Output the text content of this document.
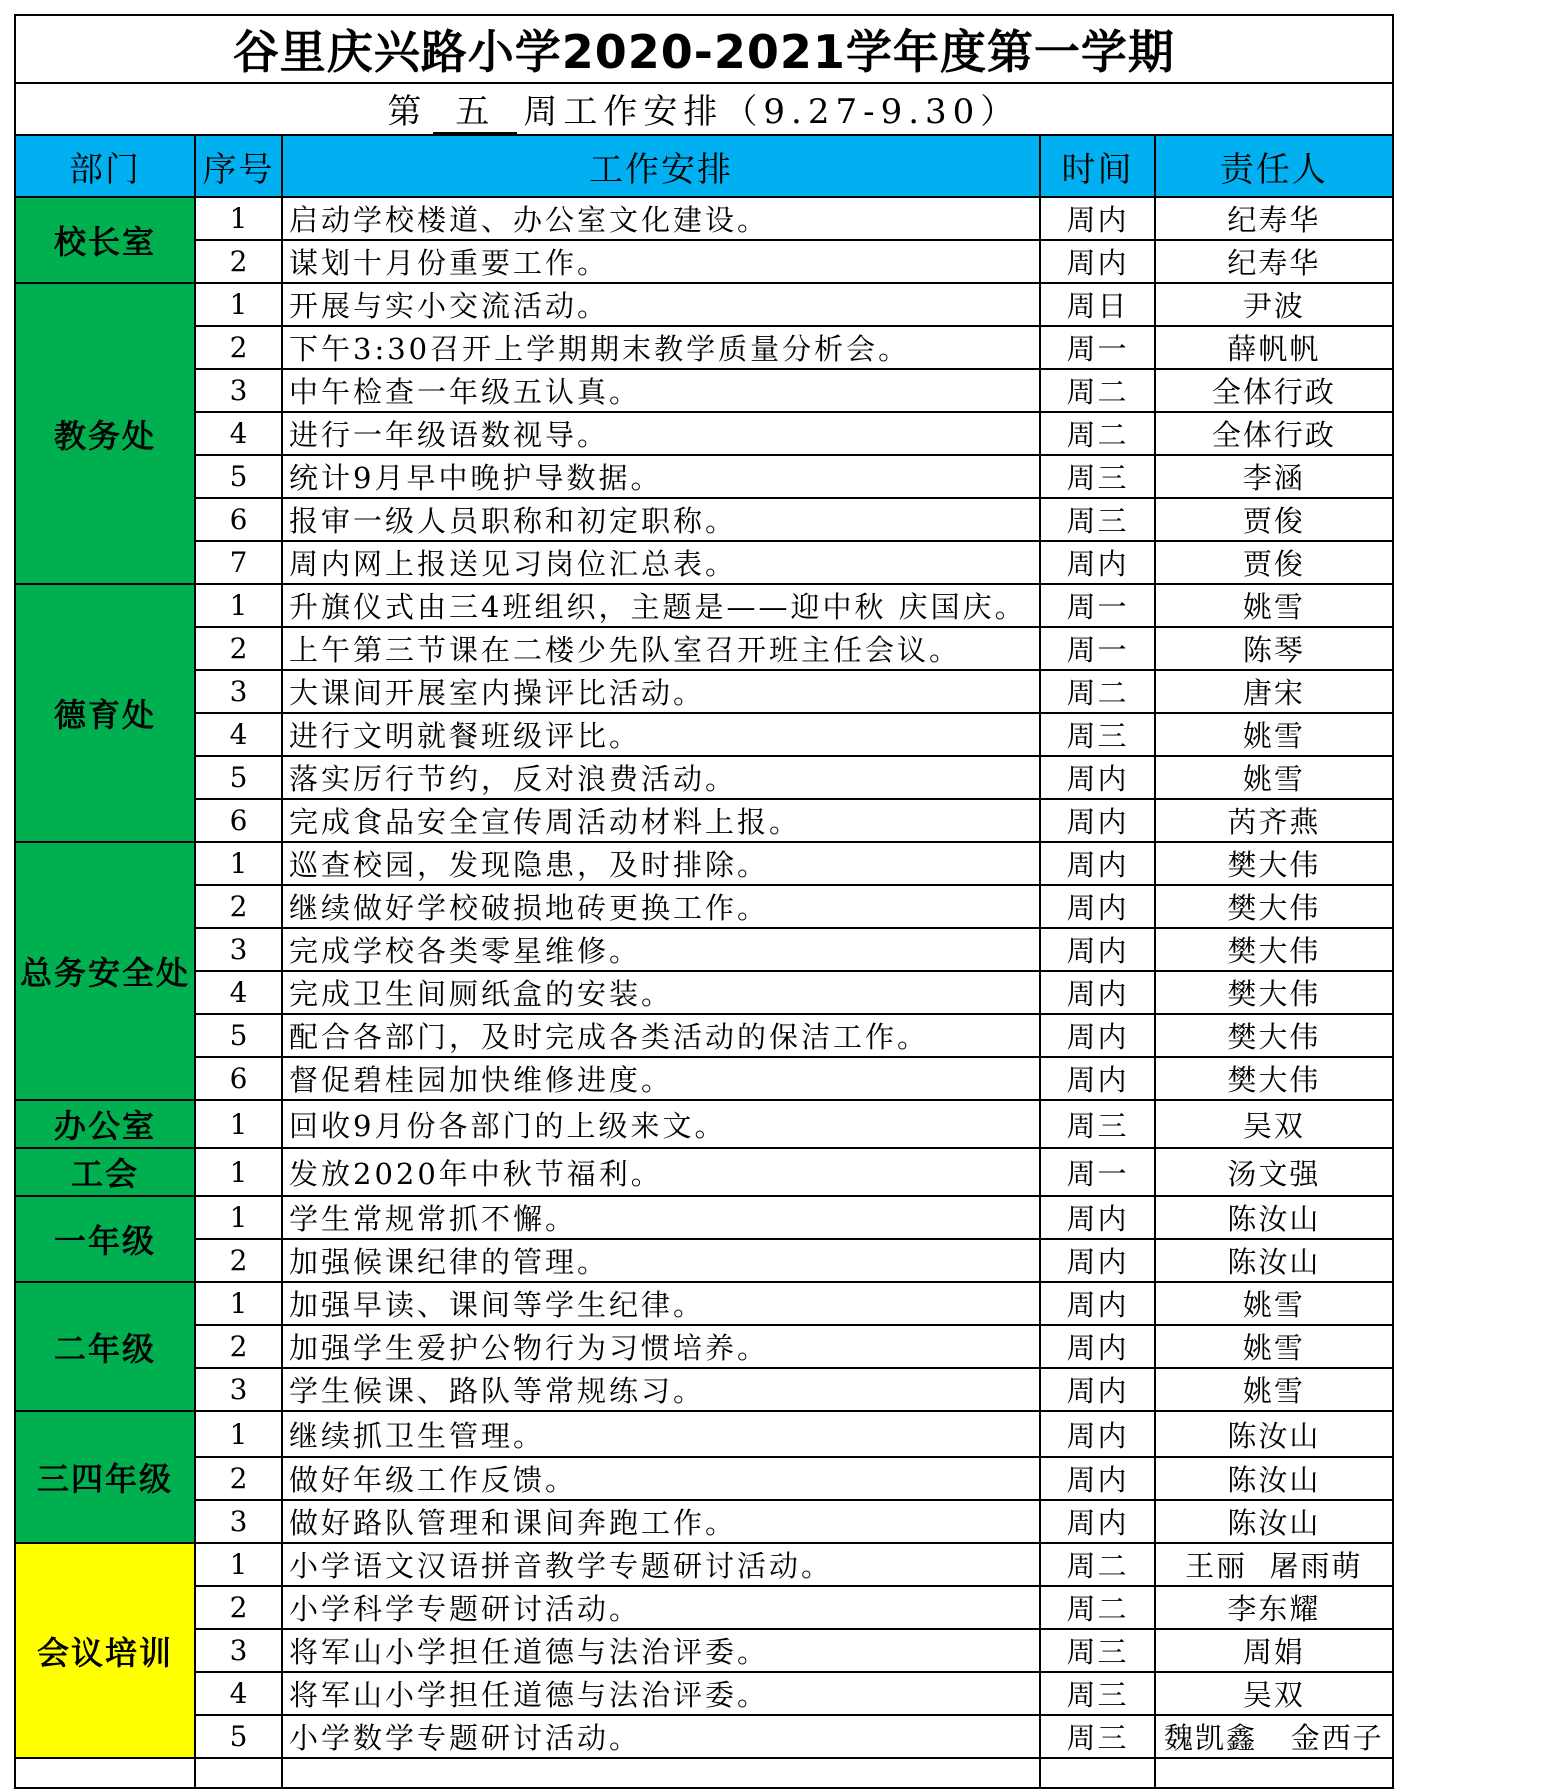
谷里庆兴路小学2020-2021学年度第一学期				
第 五 周工作安排（9.27-9.30）				
部门	序号	工作安排	时间	责任人
校长室	1	启动学校楼道、办公室文化建设。	周内	纪寿华
	2	谋划十月份重要工作。	周内	纪寿华
教务处	1	开展与实小交流活动。	周日	尹波
	2	下午3:30召开上学期期末教学质量分析会。	周一	薛帆帆
	3	中午检查一年级五认真。	周二	全体行政
	4	进行一年级语数视导。	周二	全体行政
	5	统计9月早中晚护导数据。	周三	李涵
	6	报审一级人员职称和初定职称。	周三	贾俊
	7	周内网上报送见习岗位汇总表。	周内	贾俊
德育处	1	升旗仪式由三4班组织，主题是——迎中秋 庆国庆。	周一	姚雪
	2	上午第三节课在二楼少先队室召开班主任会议。	周一	陈琴
	3	大课间开展室内操评比活动。	周二	唐宋
	4	进行文明就餐班级评比。	周三	姚雪
	5	落实厉行节约，反对浪费活动。	周内	姚雪
	6	完成食品安全宣传周活动材料上报。	周内	芮齐燕
总务安全处	1	巡查校园，发现隐患，及时排除。	周内	樊大伟
	2	继续做好学校破损地砖更换工作。	周内	樊大伟
	3	完成学校各类零星维修。	周内	樊大伟
	4	完成卫生间厕纸盒的安装。	周内	樊大伟
	5	配合各部门，及时完成各类活动的保洁工作。	周内	樊大伟
	6	督促碧桂园加快维修进度。	周内	樊大伟
办公室	1	回收9月份各部门的上级来文。	周三	吴双
工会	1	发放2020年中秋节福利。	周一	汤文强
一年级	1	学生常规常抓不懈。	周内	陈汝山
	2	加强候课纪律的管理。	周内	陈汝山
二年级	1	加强早读、课间等学生纪律。	周内	姚雪
	2	加强学生爱护公物行为习惯培养。	周内	姚雪
	3	学生候课、路队等常规练习。	周内	姚雪
三四年级	1	继续抓卫生管理。	周内	陈汝山
	2	做好年级工作反馈。	周内	陈汝山
	3	做好路队管理和课间奔跑工作。	周内	陈汝山
会议培训	1	小学语文汉语拼音教学专题研讨活动。	周二	王丽  屠雨萌

	2	小学科学专题研讨活动。	周二	李东耀
	3	将军山小学担任道德与法治评委。	周三	周娟
	4	将军山小学担任道德与法治评委。	周三	吴双
	5	小学数学专题研讨活动。	周三	魏凯鑫   金西子
